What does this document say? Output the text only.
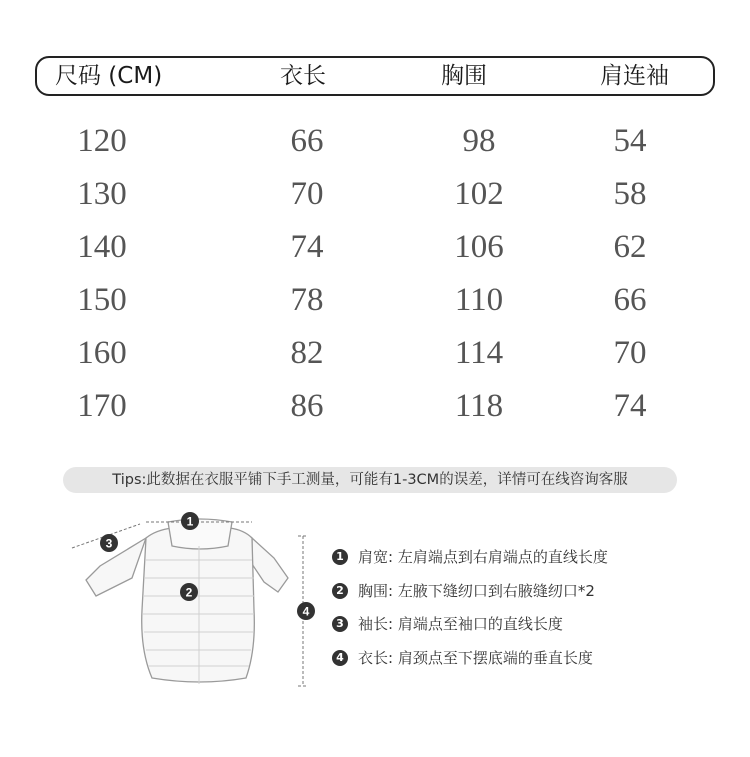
尺码 (CM)	衣长	胸围	肩连袖
120	66	98	54
130	70	102	58
140	74	106	62
150	78	110	66
160	82	114	70
170	86	118	74
Tips:此数据在衣服平铺下手工测量，可能有1-3CM的误差，详情可在线咨询客服
1
2
3
4
1 肩宽: 左肩端点到右肩端点的直线长度
2 胸围: 左腋下缝纫口到右腋缝纫口*2
3 袖长: 肩端点至袖口的直线长度
4 衣长: 肩颈点至下摆底端的垂直长度
